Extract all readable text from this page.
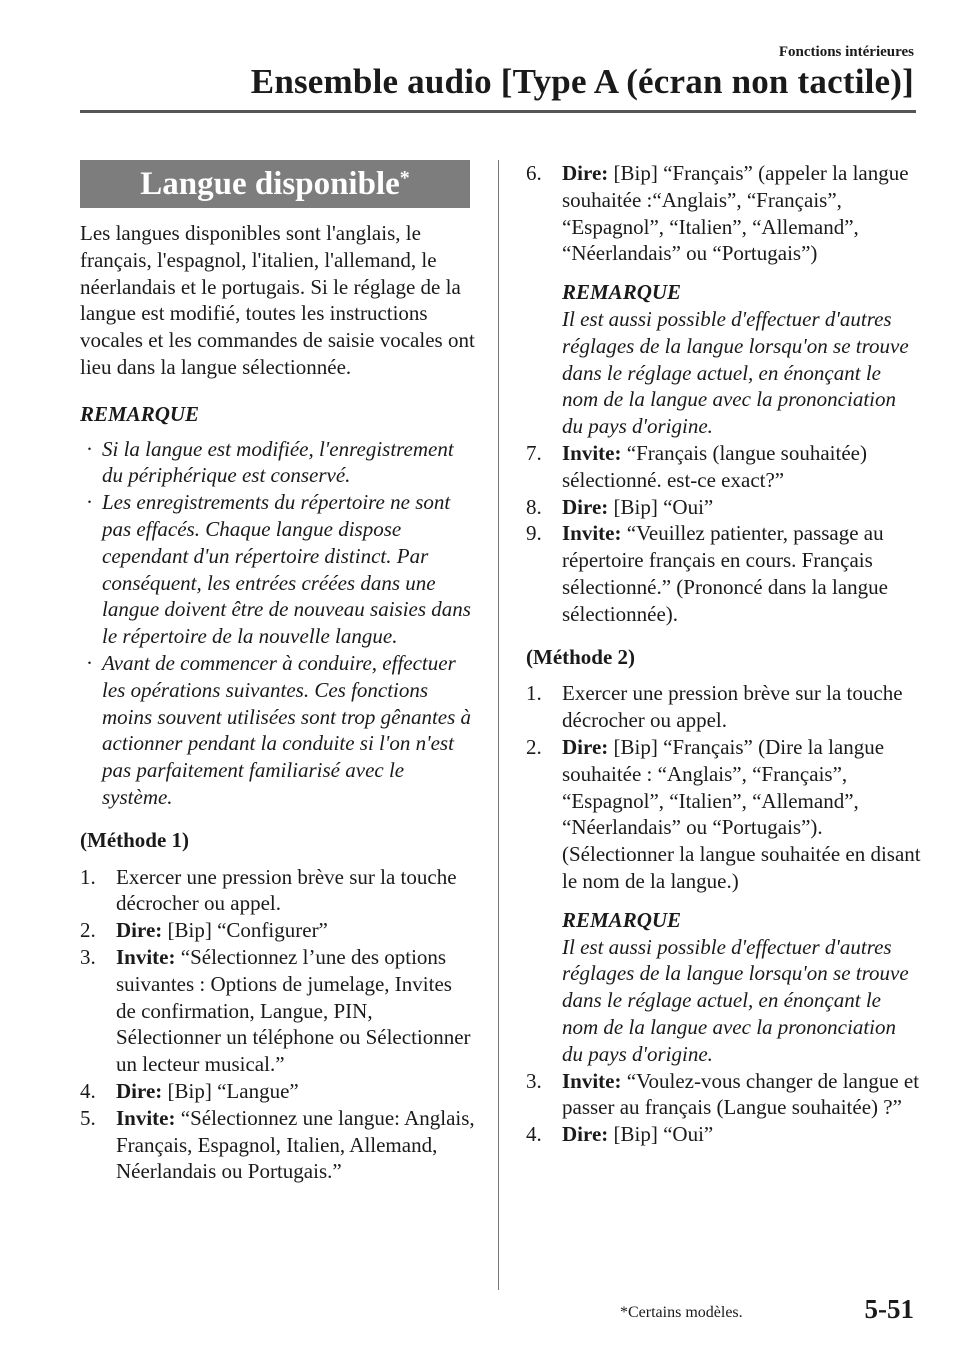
Fonctions intérieures
Ensemble audio [Type A (écran non tactile)]
Langue disponible*

Les langues disponibles sont l'anglais, le français, l'espagnol, l'italien, l'allemand, le néerlandais et le portugais. Si le réglage de la langue est modifié, toutes les instructions vocales et les commandes de saisie vocales ont lieu dans la langue sélectionnée.

REMARQUE
· Si la langue est modifiée, l'enregistrement du périphérique est conservé.
· Les enregistrements du répertoire ne sont pas effacés. Chaque langue dispose cependant d'un répertoire distinct. Par conséquent, les entrées créées dans une langue doivent être de nouveau saisies dans le répertoire de la nouvelle langue.
· Avant de commencer à conduire, effectuer les opérations suivantes. Ces fonctions moins souvent utilisées sont trop gênantes à actionner pendant la conduite si l'on n'est pas parfaitement familiarisé avec le système.
(Méthode 1)
1. Exercer une pression brève sur la touche décrocher ou appel.
2. Dire: [Bip] “Configurer”
3. Invite: “Sélectionnez l’une des options suivantes : Options de jumelage, Invites de confirmation, Langue, PIN, Sélectionner un téléphone ou Sélectionner un lecteur musical.”
4. Dire: [Bip] “Langue”
5. Invite: “Sélectionnez une langue: Anglais, Français, Espagnol, Italien, Allemand, Néerlandais ou Portugais.”
6. Dire: [Bip] “Français” (appeler la langue souhaitée :“Anglais”, “Français”, “Espagnol”, “Italien”, “Allemand”, “Néerlandais” ou “Portugais”)
REMARQUE
Il est aussi possible d'effectuer d'autres réglages de la langue lorsqu'on se trouve dans le réglage actuel, en énonçant le nom de la langue avec la prononciation du pays d'origine.
7. Invite: “Français (langue souhaitée) sélectionné. est-ce exact?”
8. Dire: [Bip] “Oui”
9. Invite: “Veuillez patienter, passage au répertoire français en cours. Français sélectionné.” (Prononcé dans la langue sélectionnée).
(Méthode 2)
1. Exercer une pression brève sur la touche décrocher ou appel.
2. Dire: [Bip] “Français” (Dire la langue souhaitée : “Anglais”, “Français”, “Espagnol”, “Italien”, “Allemand”, “Néerlandais” ou “Portugais”). (Sélectionner la langue souhaitée en disant le nom de la langue.)
REMARQUE
Il est aussi possible d'effectuer d'autres réglages de la langue lorsqu'on se trouve dans le réglage actuel, en énonçant le nom de la langue avec la prononciation du pays d'origine.
3. Invite: “Voulez-vous changer de langue et passer au français (Langue souhaitée) ?”
4. Dire: [Bip] “Oui”
*Certains modèles.	5-51
